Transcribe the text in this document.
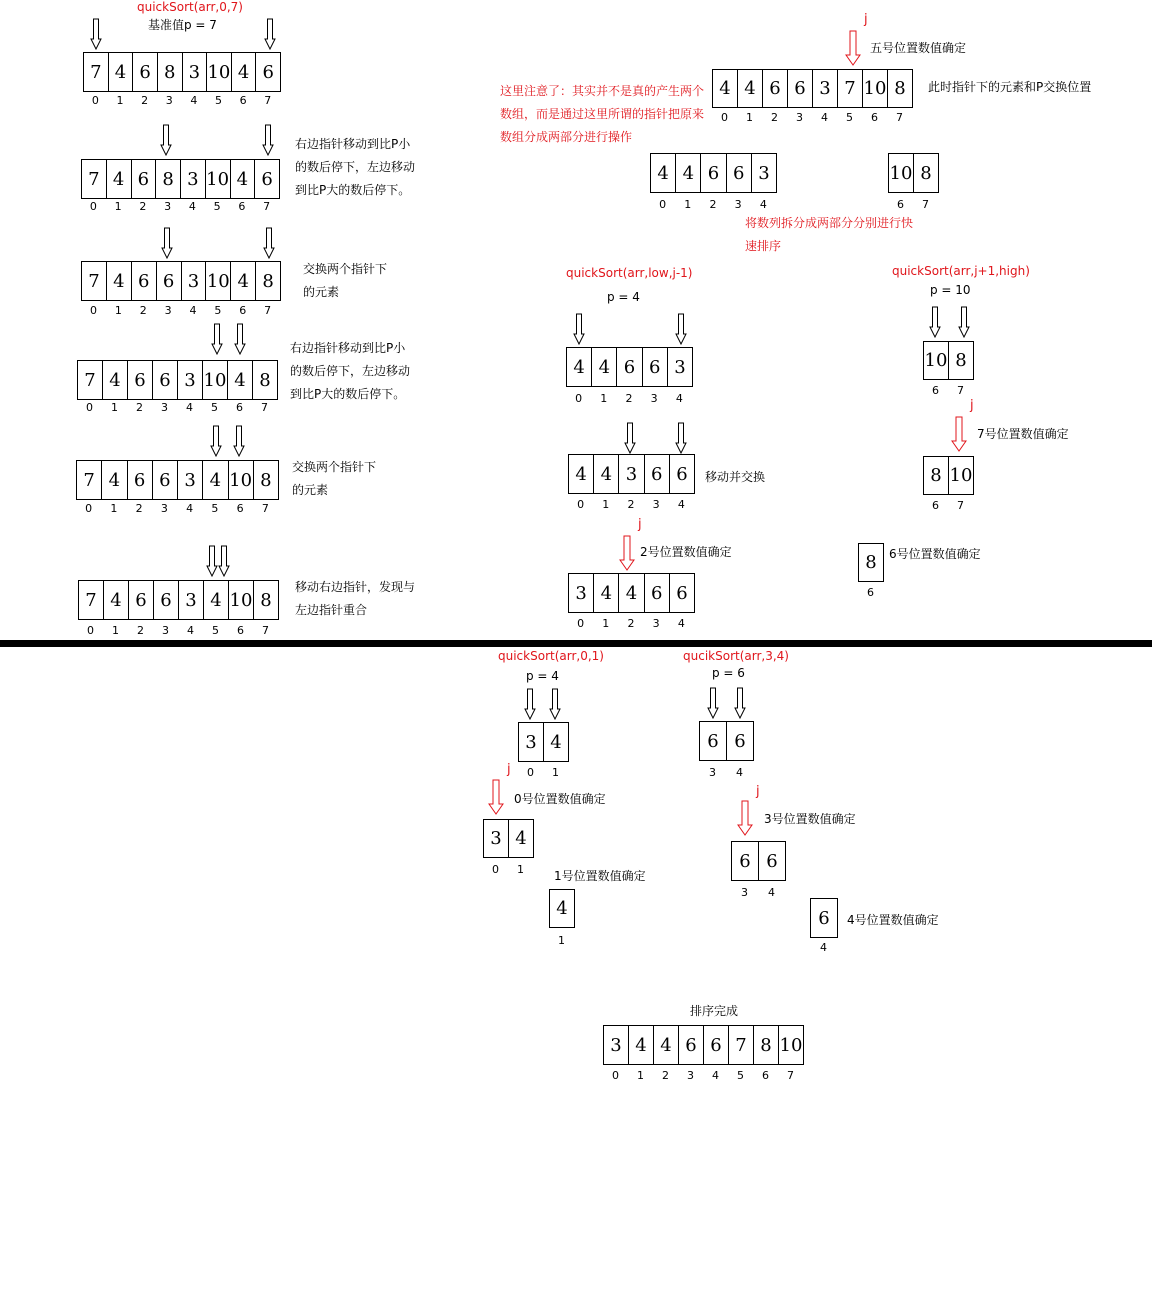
quickSort(arr,0,7)
基准值p = 7
7 4 6 8 3 10 4 6
0	1	2	3	4	5	6	7
7 4 6 8 3 10 4 6
0	1	2	3	4	5	6	7
右边指针移动到比P小
的数后停下，左边移动
到比P大的数后停下。
7 4 6 6 3 10 4 8
0	1	2	3	4	5	6	7
交换两个指针下
的元素
7 4 6 6 3 10 4 8
0	1	2	3	4	5	6	7
右边指针移动到比P小
的数后停下，左边移动
到比P大的数后停下。
7 4 6 6 3 4 10 8
0	1	2	3	4	5	6	7
交换两个指针下
的元素
7 4 6 6 3 4 10 8
0	1	2	3	4	5	6	7
移动右边指针，发现与
左边指针重合
j
五号位置数值确定
4 4 6 6 3 7 10 8
0	1	2	3	4	5	6	7
此时指针下的元素和P交换位置
这里注意了：其实并不是真的产生两个
数组，而是通过这里所谓的指针把原来
数组分成两部分进行操作
4 4 6 6 3
0	1	2	3	4
10 8
6	7
将数列拆分成两部分分别进行快
速排序
quickSort(arr,low,j-1)
p = 4
4 4 6 6 3
0	1	2	3	4
4 4 3 6 6
0	1	2	3	4
移动并交换
j
2号位置数值确定
3 4 4 6 6
0	1	2	3	4
quickSort(arr,j+1,high)
p = 10
10 8
6	7
j
7号位置数值确定
8 10
6	7
8
6
6号位置数值确定
quickSort(arr,0,1)
p = 4
3 4
0	1
j
0号位置数值确定
3 4
0	1	1号位置数值确定
4
1
qucikSort(arr,3,4)
p = 6
6 6
3	4
j
3号位置数值确定
6 6
3	4
6
4
4号位置数值确定
排序完成
3 4 4 6 6 7 8 10
0	1	2	3	4	5	6	7
